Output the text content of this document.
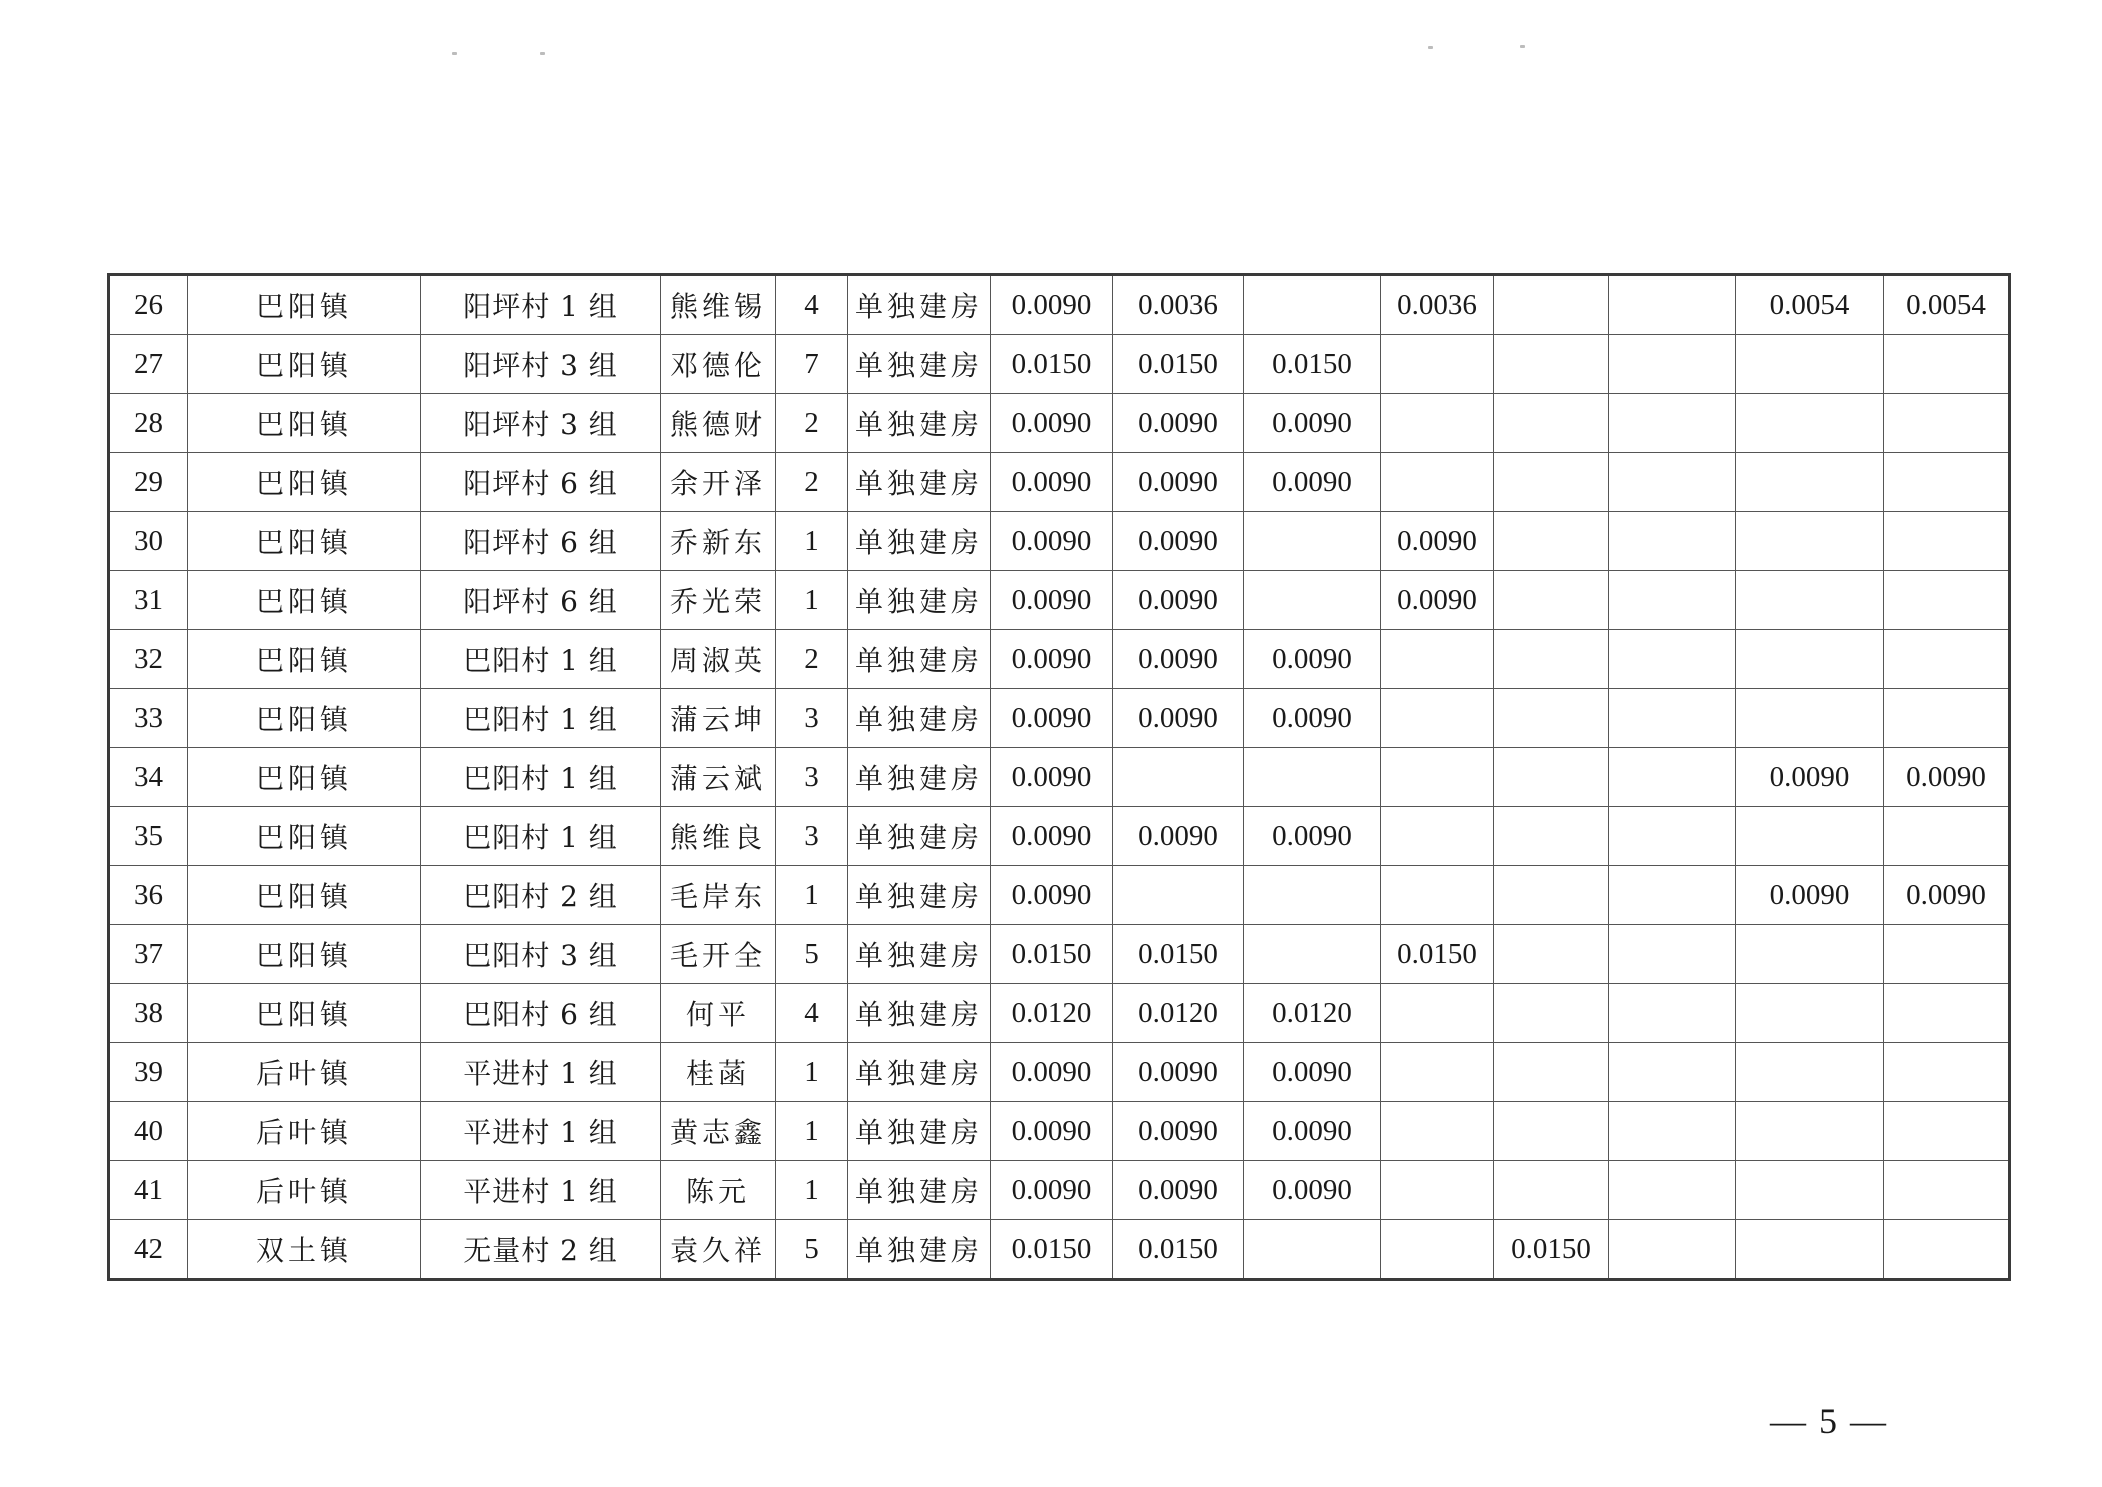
26	巴阳镇	阳坪村 1 组	熊维锡	4	单独建房	0.0090	0.0036		0.0036			0.0054	0.0054
27	巴阳镇	阳坪村 3 组	邓德伦	7	单独建房	0.0150	0.0150	0.0150					
28	巴阳镇	阳坪村 3 组	熊德财	2	单独建房	0.0090	0.0090	0.0090					
29	巴阳镇	阳坪村 6 组	余开泽	2	单独建房	0.0090	0.0090	0.0090					
30	巴阳镇	阳坪村 6 组	乔新东	1	单独建房	0.0090	0.0090		0.0090				
31	巴阳镇	阳坪村 6 组	乔光荣	1	单独建房	0.0090	0.0090		0.0090				
32	巴阳镇	巴阳村 1 组	周淑英	2	单独建房	0.0090	0.0090	0.0090					
33	巴阳镇	巴阳村 1 组	蒲云坤	3	单独建房	0.0090	0.0090	0.0090					
34	巴阳镇	巴阳村 1 组	蒲云斌	3	单独建房	0.0090						0.0090	0.0090
35	巴阳镇	巴阳村 1 组	熊维良	3	单独建房	0.0090	0.0090	0.0090					
36	巴阳镇	巴阳村 2 组	毛岸东	1	单独建房	0.0090						0.0090	0.0090
37	巴阳镇	巴阳村 3 组	毛开全	5	单独建房	0.0150	0.0150		0.0150				
38	巴阳镇	巴阳村 6 组	何平	4	单独建房	0.0120	0.0120	0.0120					
39	后叶镇	平进村 1 组	桂菡	1	单独建房	0.0090	0.0090	0.0090					
40	后叶镇	平进村 1 组	黄志鑫	1	单独建房	0.0090	0.0090	0.0090					
41	后叶镇	平进村 1 组	陈元	1	单独建房	0.0090	0.0090	0.0090					
42	双土镇	无量村 2 组	袁久祥	5	单独建房	0.0150	0.0150			0.0150			
— 5 —
